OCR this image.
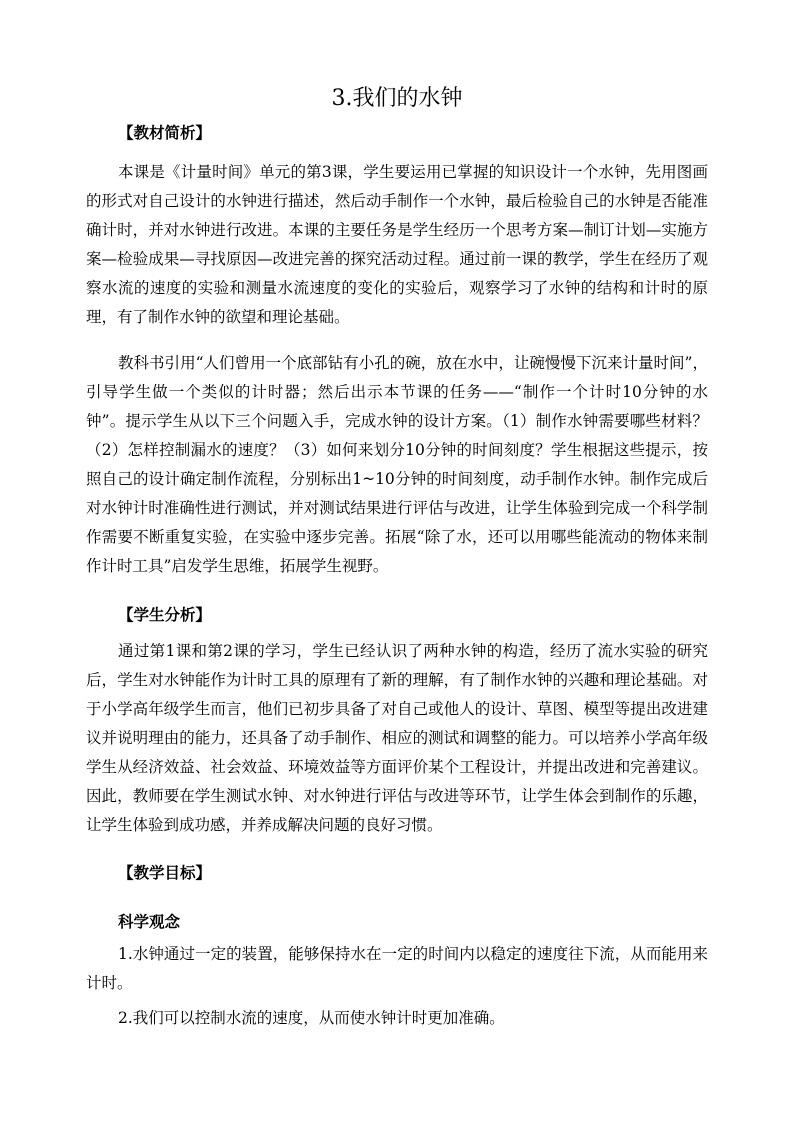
3.我们的水钟
【教材简析】

本课是《计量时间》单元的第3课，学生要运用已掌握的知识设计一个水钟，先用图画的形式对自己设计的水钟进行描述，然后动手制作一个水钟，最后检验自己的水钟是否能准确计时，并对水钟进行改进。本课的主要任务是学生经历一个思考方案—制订计划—实施方案—检验成果—寻找原因—改进完善的探究活动过程。通过前一课的教学，学生在经历了观察水流的速度的实验和测量水流速度的变化的实验后，观察学习了水钟的结构和计时的原理，有了制作水钟的欲望和理论基础。

教科书引用“人们曾用一个底部钻有小孔的碗，放在水中，让碗慢慢下沉来计量时间”，引导学生做一个类似的计时器；然后出示本节课的任务——“制作一个计时10分钟的水钟”。提示学生从以下三个问题入手，完成水钟的设计方案。（1）制作水钟需要哪些材料？（2）怎样控制漏水的速度？（3）如何来划分10分钟的时间刻度？学生根据这些提示，按照自己的设计确定制作流程，分别标出1~10分钟的时间刻度，动手制作水钟。制作完成后对水钟计时准确性进行测试，并对测试结果进行评估与改进，让学生体验到完成一个科学制作需要不断重复实验，在实验中逐步完善。拓展“除了水，还可以用哪些能流动的物体来制作计时工具”启发学生思维，拓展学生视野。

【学生分析】

通过第1课和第2课的学习，学生已经认识了两种水钟的构造，经历了流水实验的研究后，学生对水钟能作为计时工具的原理有了新的理解，有了制作水钟的兴趣和理论基础。对于小学高年级学生而言，他们已初步具备了对自己或他人的设计、草图、模型等提出改进建议并说明理由的能力，还具备了动手制作、相应的测试和调整的能力。可以培养小学高年级学生从经济效益、社会效益、环境效益等方面评价某个工程设计，并提出改进和完善建议。因此，教师要在学生测试水钟、对水钟进行评估与改进等环节，让学生体会到制作的乐趣，让学生体验到成功感，并养成解决问题的良好习惯。

【教学目标】
科学观念

1.水钟通过一定的装置，能够保持水在一定的时间内以稳定的速度往下流，从而能用来计时。

2.我们可以控制水流的速度，从而使水钟计时更加准确。
